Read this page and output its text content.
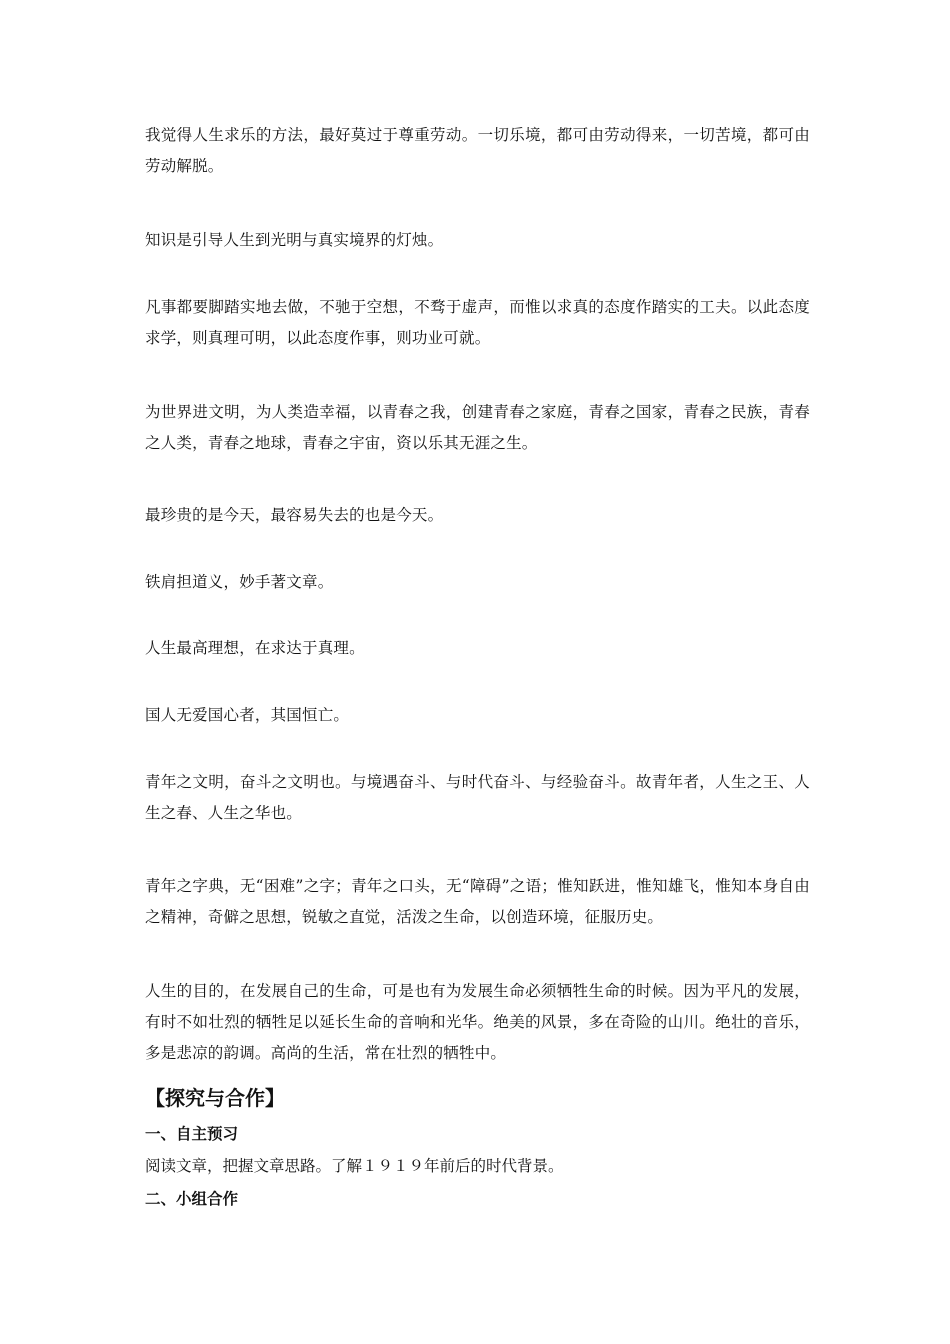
我觉得人生求乐的方法，最好莫过于尊重劳动。一切乐境，都可由劳动得来，一切苦境，都可由劳动解脱。

知识是引导人生到光明与真实境界的灯烛。

凡事都要脚踏实地去做，不驰于空想，不骛于虚声，而惟以求真的态度作踏实的工夫。以此态度求学，则真理可明，以此态度作事，则功业可就。

为世界进文明，为人类造幸福，以青春之我，创建青春之家庭，青春之国家，青春之民族，青春之人类，青春之地球，青春之宇宙，资以乐其无涯之生。

最珍贵的是今天，最容易失去的也是今天。

铁肩担道义，妙手著文章。

人生最高理想，在求达于真理。

国人无爱国心者，其国恒亡。

青年之文明，奋斗之文明也。与境遇奋斗、与时代奋斗、与经验奋斗。故青年者，人生之王、人生之春、人生之华也。

青年之字典，无“困难”之字；青年之口头，无“障碍”之语；惟知跃进，惟知雄飞，惟知本身自由之精神，奇僻之思想，锐敏之直觉，活泼之生命，以创造环境，征服历史。

人生的目的，在发展自己的生命，可是也有为发展生命必须牺牲生命的时候。因为平凡的发展，有时不如壮烈的牺牲足以延长生命的音响和光华。绝美的风景，多在奇险的山川。绝壮的音乐，多是悲凉的韵调。高尚的生活，常在壮烈的牺牲中。

【探究与合作】
一、自主预习

阅读文章，把握文章思路。了解１９１９年前后的时代背景。

二、小组合作
